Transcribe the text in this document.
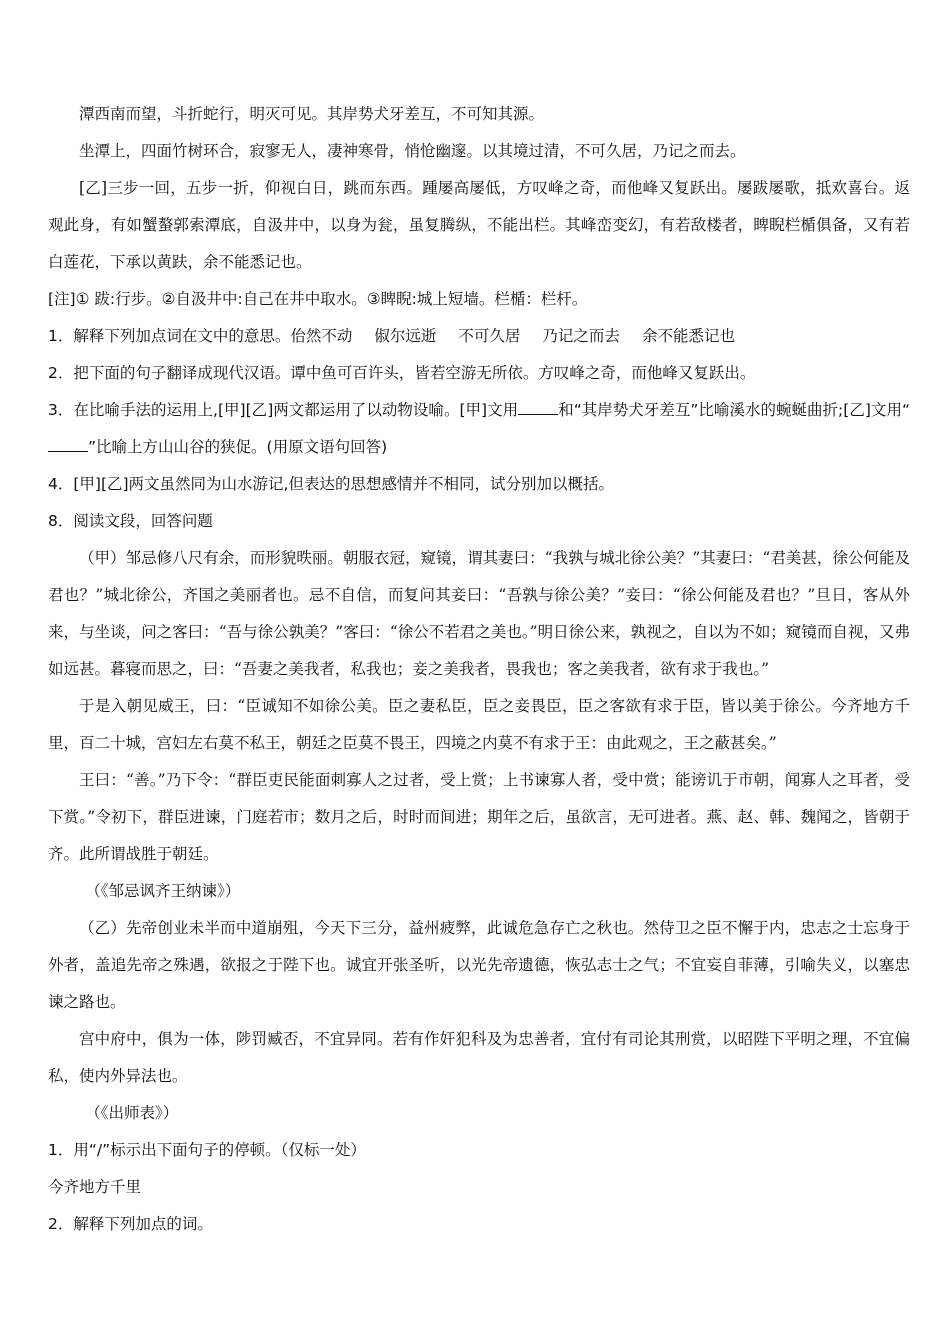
潭西南而望，斗折蛇行，明灭可见。其岸势犬牙差互，不可知其源。

坐潭上，四面竹树环合，寂寥无人，凄神寒骨，悄怆幽邃。以其境过清，不可久居，乃记之而去。

[乙]三步一回，五步一折，仰视白日，跳而东西。踵屡高屡低，方叹峰之奇，而他峰又复跃出。屡跋屡歌，抵欢喜台。返观此身，有如蟹螯郭索潭底，自汲井中，以身为瓮，虽复腾纵，不能出栏。其峰峦变幻，有若敌楼者，睥睨栏楯俱备，又有若白莲花，下承以黄趺，余不能悉记也。

[注]① 跋:行步。②自汲井中:自己在井中取水。③睥睨:城上短墙。栏楯：栏杆。

1．解释下列加点词在文中的意思。佁然不动 俶尔远逝 不可久居 乃记之而去 余不能悉记也

2．把下面的句子翻译成现代汉语。谭中鱼可百许头，皆若空游无所依。方叹峰之奇，而他峰又复跃出。

3．在比喻手法的运用上,[甲][乙]两文都运用了以动物设喻。[甲]文用	和“其岸势犬牙差互”比喻溪水的蜿蜒曲折;[乙]文用“”比喻上方山山谷的狭促。(用原文语句回答)

4．[甲][乙]两文虽然同为山水游记,但表达的思想感情并不相同，试分别加以概括。

8．阅读文段，回答问题

（甲）邹忌修八尺有余，而形貌昳丽。朝服衣冠，窥镜，谓其妻曰：“我孰与城北徐公美？”其妻曰：“君美甚，徐公何能及君也？”城北徐公，齐国之美丽者也。忌不自信，而复问其妾曰：“吾孰与徐公美？”妾曰：“徐公何能及君也？”旦日，客从外来，与坐谈，问之客曰：“吾与徐公孰美？”客曰：“徐公不若君之美也。”明日徐公来，孰视之，自以为不如；窥镜而自视，又弗如远甚。暮寝而思之，曰：“吾妻之美我者，私我也；妾之美我者，畏我也；客之美我者，欲有求于我也。”

于是入朝见威王，曰：“臣诚知不如徐公美。臣之妻私臣，臣之妾畏臣，臣之客欲有求于臣，皆以美于徐公。今齐地方千里，百二十城，宫妇左右莫不私王，朝廷之臣莫不畏王，四境之内莫不有求于王：由此观之，王之蔽甚矣。”

王曰：“善。”乃下令：“群臣吏民能面刺寡人之过者，受上赏；上书谏寡人者，受中赏；能谤讥于市朝，闻寡人之耳者，受下赏。”令初下，群臣进谏，门庭若市；数月之后，时时而间进；期年之后，虽欲言，无可进者。燕、赵、韩、魏闻之，皆朝于齐。此所谓战胜于朝廷。

（《邹忌讽齐王纳谏》）

（乙）先帝创业未半而中道崩殂，今天下三分，益州疲弊，此诚危急存亡之秋也。然侍卫之臣不懈于内，忠志之士忘身于外者，盖追先帝之殊遇，欲报之于陛下也。诚宜开张圣听，以光先帝遗德，恢弘志士之气；不宜妄自菲薄，引喻失义，以塞忠谏之路也。

宫中府中，俱为一体，陟罚臧否，不宜异同。若有作奸犯科及为忠善者，宜付有司论其刑赏，以昭陛下平明之理，不宜偏私，使内外异法也。

（《出师表》）

1．用“/”标示出下面句子的停顿。（仅标一处）

今齐地方千里

2．解释下列加点的词。
